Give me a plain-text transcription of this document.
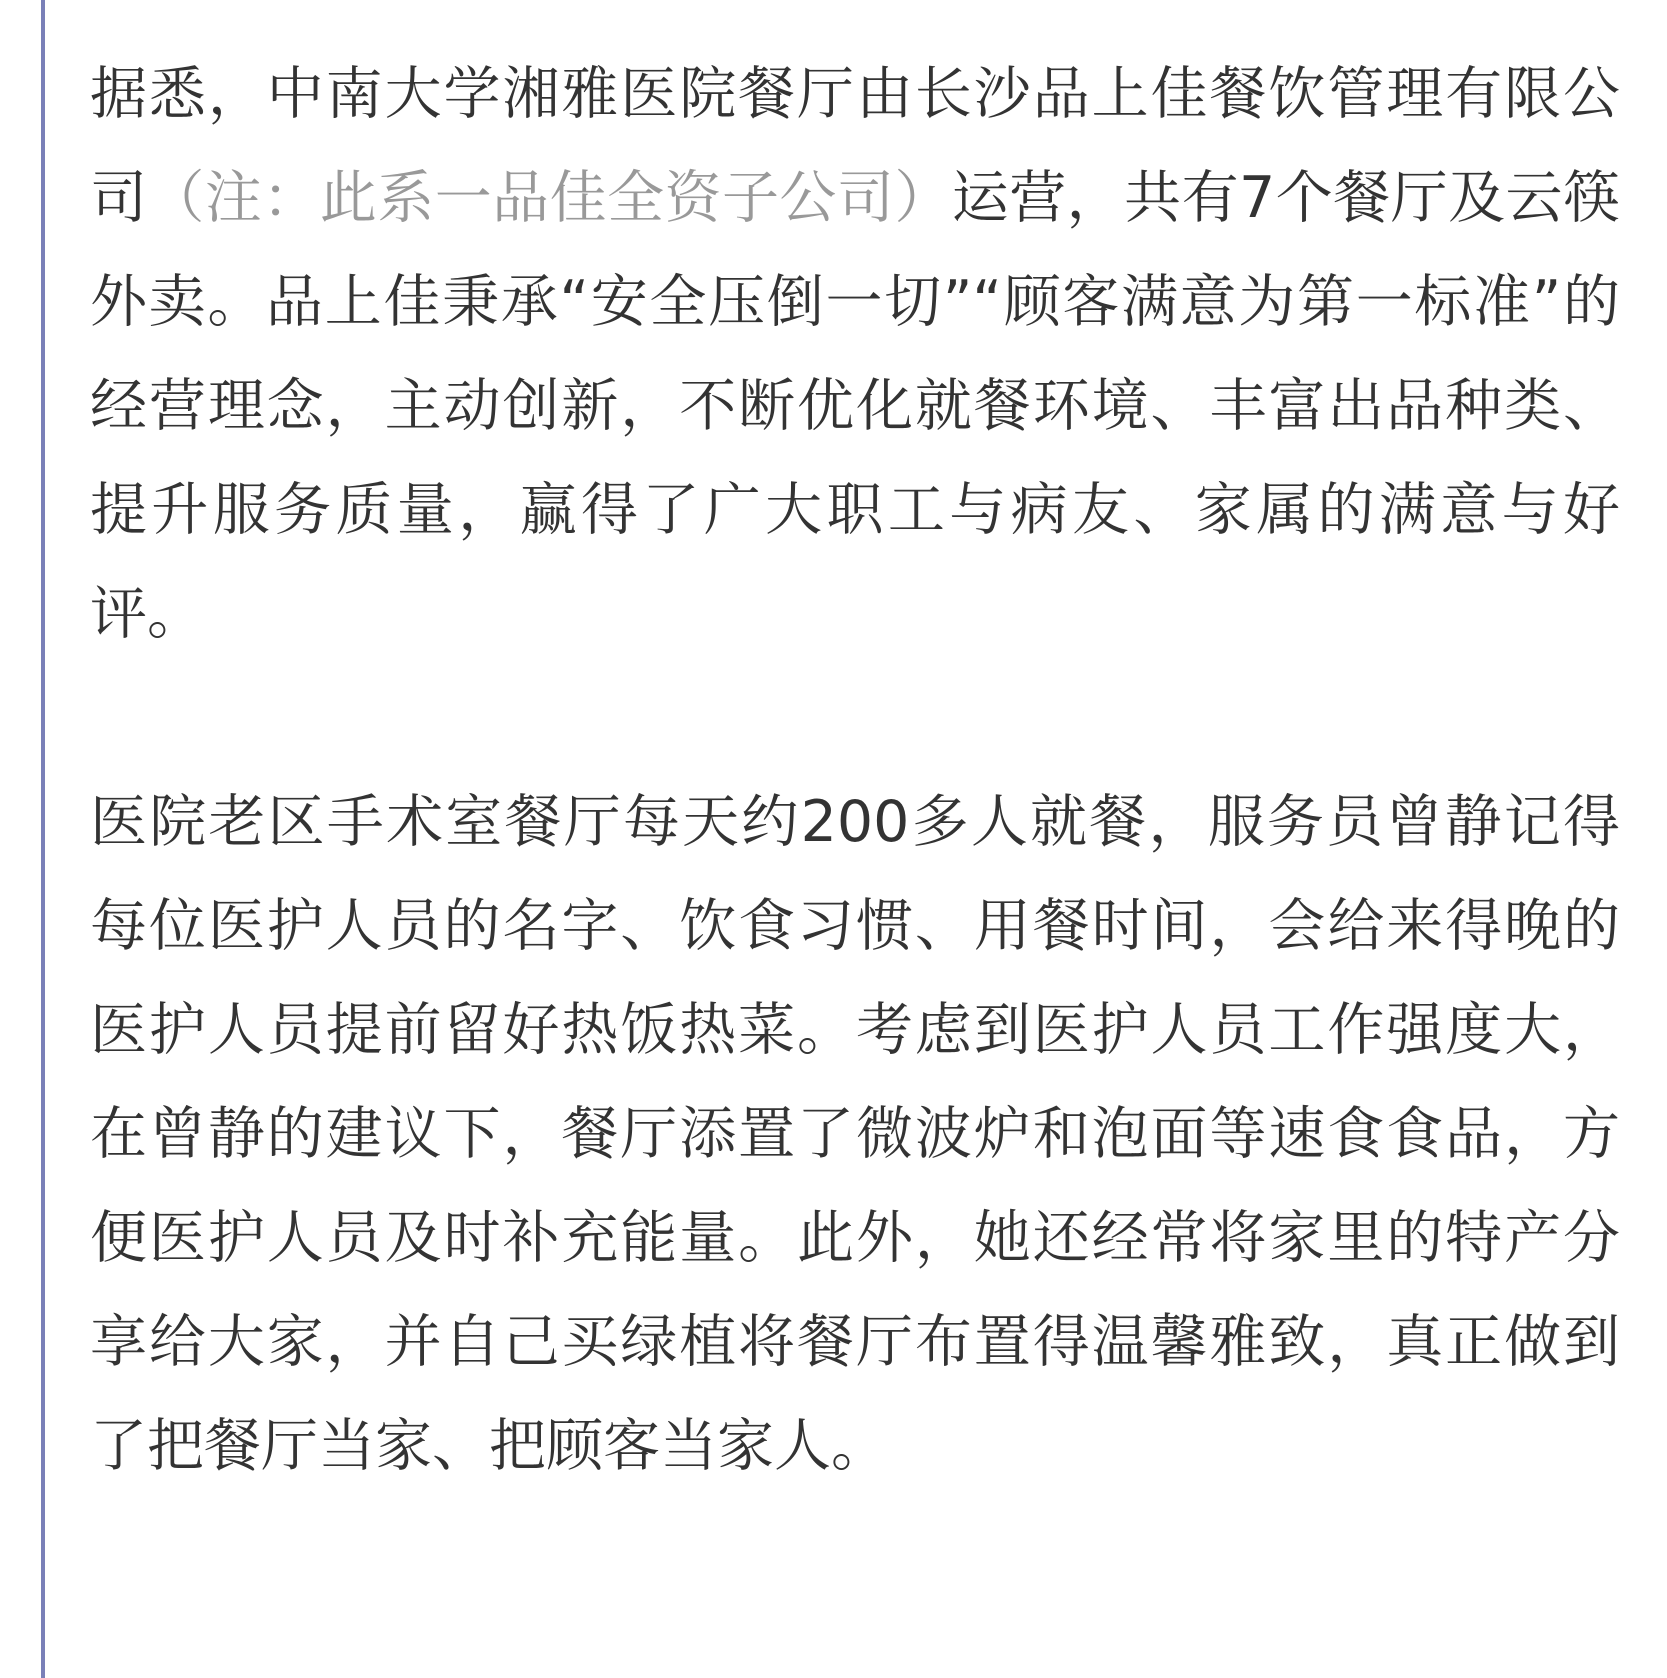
据悉，中南大学湘雅医院餐厅由长沙品上佳餐饮管理有限公司（注：此系一品佳全资子公司）运营，共有7个餐厅及云筷外卖。品上佳秉承“安全压倒一切”“顾客满意为第一标准”的经营理念，主动创新，不断优化就餐环境、丰富出品种类、提升服务质量，赢得了广大职工与病友、家属的满意与好评。

医院老区手术室餐厅每天约200多人就餐，服务员曾静记得每位医护人员的名字、饮食习惯、用餐时间，会给来得晚的医护人员提前留好热饭热菜。考虑到医护人员工作强度大，在曾静的建议下，餐厅添置了微波炉和泡面等速食食品，方便医护人员及时补充能量。此外，她还经常将家里的特产分享给大家，并自己买绿植将餐厅布置得温馨雅致，真正做到了把餐厅当家、把顾客当家人。
